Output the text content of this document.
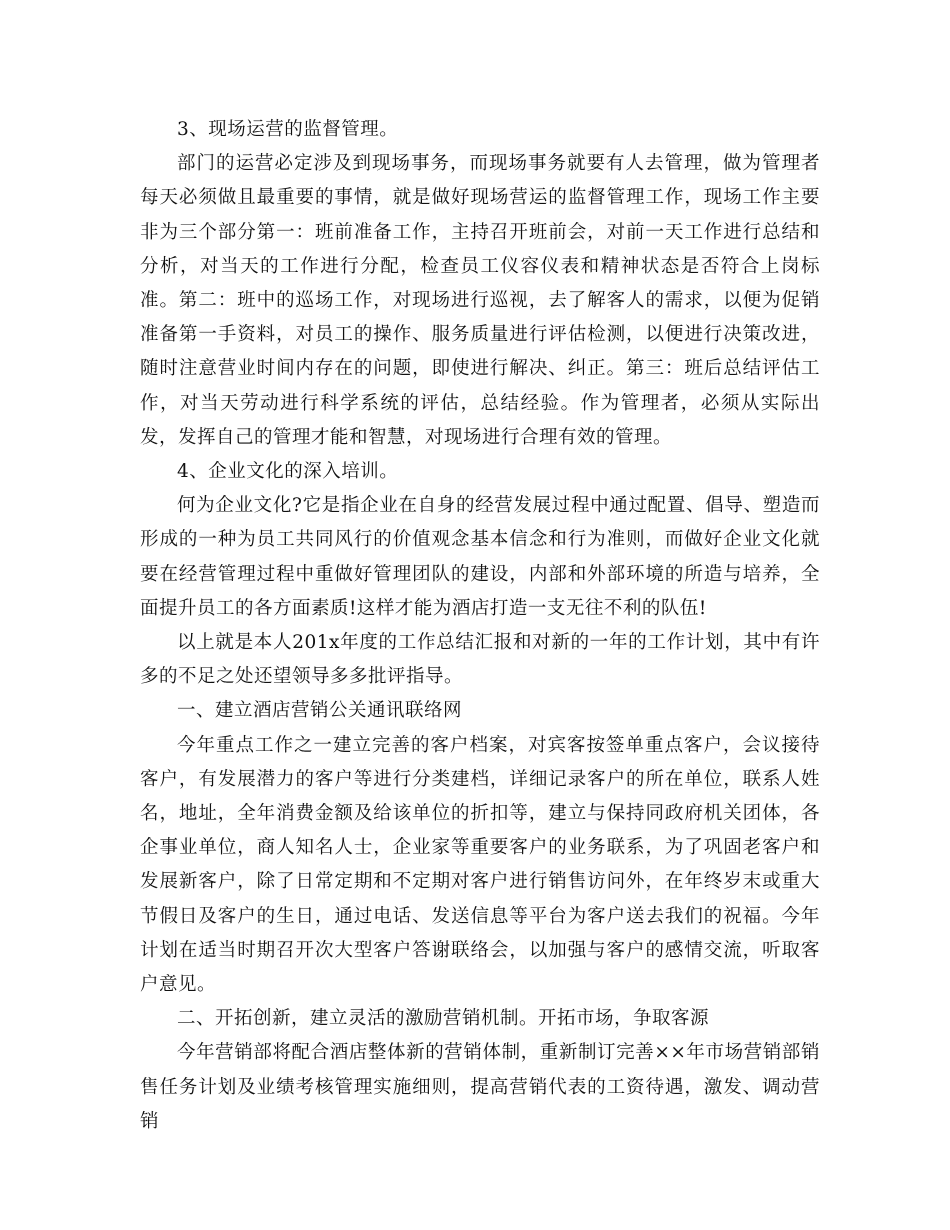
3、现场运营的监督管理。

部门的运营必定涉及到现场事务，而现场事务就要有人去管理，做为管理者每天必须做且最重要的事情，就是做好现场营运的监督管理工作，现场工作主要非为三个部分第一：班前准备工作，主持召开班前会，对前一天工作进行总结和分析，对当天的工作进行分配，检查员工仪容仪表和精神状态是否符合上岗标准。第二：班中的巡场工作，对现场进行巡视，去了解客人的需求，以便为促销准备第一手资料，对员工的操作、服务质量进行评估检测，以便进行决策改进，随时注意营业时间内存在的问题，即使进行解决、纠正。第三：班后总结评估工作，对当天劳动进行科学系统的评估，总结经验。作为管理者，必须从实际出发，发挥自己的管理才能和智慧，对现场进行合理有效的管理。

4、企业文化的深入培训。

何为企业文化?它是指企业在自身的经营发展过程中通过配置、倡导、塑造而形成的一种为员工共同风行的价值观念基本信念和行为准则，而做好企业文化就要在经营管理过程中重做好管理团队的建设，内部和外部环境的所造与培养，全面提升员工的各方面素质!这样才能为酒店打造一支无往不利的队伍!

以上就是本人201x年度的工作总结汇报和对新的一年的工作计划，其中有许多的不足之处还望领导多多批评指导。

一、建立酒店营销公关通讯联络网

今年重点工作之一建立完善的客户档案，对宾客按签单重点客户，会议接待客户，有发展潜力的客户等进行分类建档，详细记录客户的所在单位，联系人姓名，地址，全年消费金额及给该单位的折扣等，建立与保持同政府机关团体，各企事业单位，商人知名人士，企业家等重要客户的业务联系，为了巩固老客户和发展新客户，除了日常定期和不定期对客户进行销售访问外，在年终岁末或重大节假日及客户的生日，通过电话、发送信息等平台为客户送去我们的祝福。今年计划在适当时期召开次大型客户答谢联络会，以加强与客户的感情交流，听取客户意见。

二、开拓创新，建立灵活的激励营销机制。开拓市场，争取客源

今年营销部将配合酒店整体新的营销体制，重新制订完善××年市场营销部销售任务计划及业绩考核管理实施细则，提高营销代表的工资待遇，激发、调动营销
